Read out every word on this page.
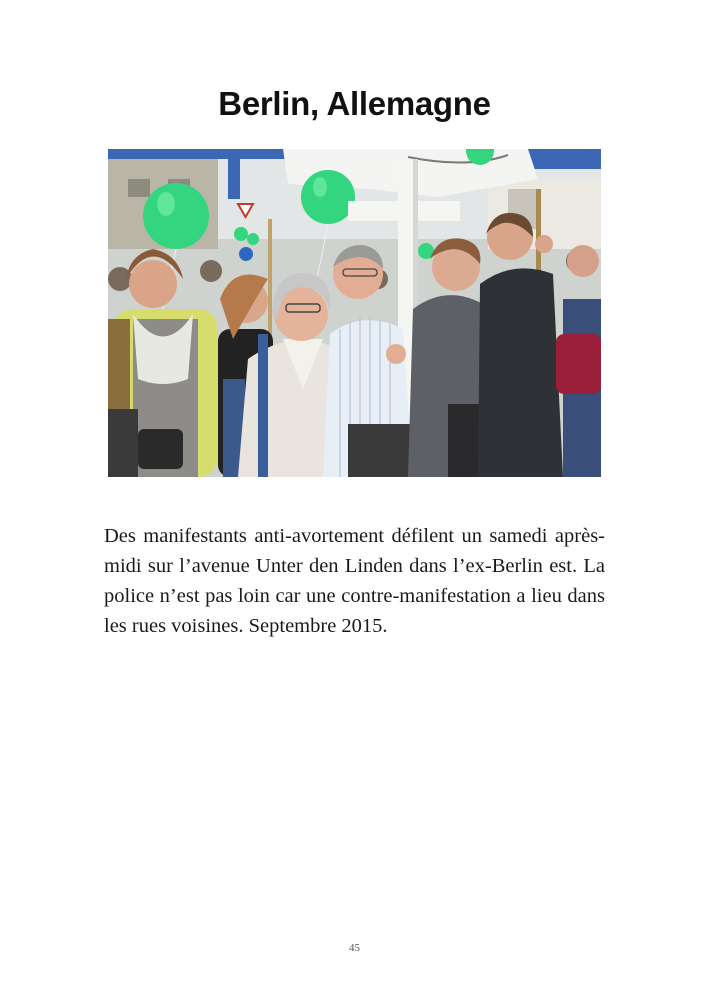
Berlin, Allemagne

Des manifestants anti-avortement défilent un samedi après-midi sur l’avenue Unter den Linden dans l’ex-Berlin est. La police n’est pas loin car une contre-manifestation a lieu dans les rues voisines. Septembre 2015.

45
